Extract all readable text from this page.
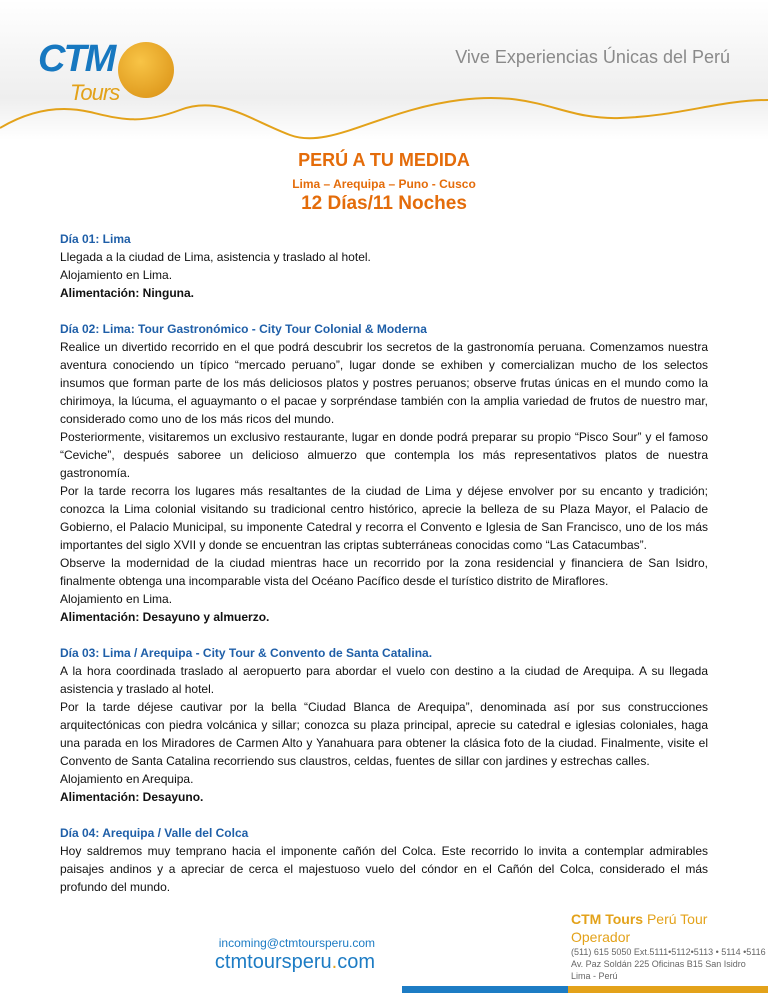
CTM
Tours
Vive Experiencias Únicas del Perú
PERÚ A TU MEDIDA
Lima – Arequipa – Puno - Cusco
12 Días/11 Noches
Día 01: Lima
Llegada a la ciudad de Lima, asistencia y traslado al hotel.
Alojamiento en Lima.
Alimentación: Ninguna.
Día 02: Lima: Tour Gastronómico - City Tour Colonial & Moderna
Realice un divertido recorrido en el que podrá descubrir los secretos de la gastronomía peruana. Comenzamos nuestra aventura conociendo un típico “mercado peruano”, lugar donde se exhiben y comercializan mucho de los selectos insumos que forman parte de los más deliciosos platos y postres peruanos; observe frutas únicas en el mundo como la chirimoya, la lúcuma, el aguaymanto o el pacae y sorpréndase también con la amplia variedad de frutos de nuestro mar, considerado como uno de los más ricos del mundo.
Posteriormente, visitaremos un exclusivo restaurante, lugar en donde podrá preparar su propio “Pisco Sour” y el famoso “Ceviche”, después saboree un delicioso almuerzo que contempla los más representativos platos de nuestra gastronomía.
Por la tarde recorra los lugares más resaltantes de la ciudad de Lima y déjese envolver por su encanto y tradición; conozca la Lima colonial visitando su tradicional centro histórico, aprecie la belleza de su Plaza Mayor, el Palacio de Gobierno, el Palacio Municipal, su imponente Catedral y recorra el Convento e Iglesia de San Francisco, uno de los más importantes del siglo XVII y donde se encuentran las criptas subterráneas conocidas como “Las Catacumbas”.
Observe la modernidad de la ciudad mientras hace un recorrido por la zona residencial y financiera de San Isidro, finalmente obtenga una incomparable vista del Océano Pacífico desde el turístico distrito de Miraflores.
Alojamiento en Lima.
Alimentación: Desayuno y almuerzo.
Día 03: Lima / Arequipa - City Tour & Convento de Santa Catalina.
A la hora coordinada traslado al aeropuerto para abordar el vuelo con destino a la ciudad de Arequipa. A su llegada asistencia y traslado al hotel.
Por la tarde déjese cautivar por la bella “Ciudad Blanca de Arequipa”, denominada así por sus construcciones arquitectónicas con piedra volcánica y sillar; conozca su plaza principal, aprecie su catedral e iglesias coloniales, haga una parada en los Miradores de Carmen Alto y Yanahuara para obtener la clásica foto de la ciudad. Finalmente, visite el Convento de Santa Catalina recorriendo sus claustros, celdas, fuentes de sillar con jardines y estrechas calles.
Alojamiento en Arequipa.
Alimentación: Desayuno.
Día 04: Arequipa / Valle del Colca
Hoy saldremos muy temprano hacia el imponente cañón del Colca. Este recorrido lo invita a contemplar admirables paisajes andinos y a apreciar de cerca el majestuoso vuelo del cóndor en el Cañón del Colca, considerado el más profundo del mundo.
incoming@ctmtoursperu.com
ctmtoursperu.com
CTM Tours Perú Tour Operador
(511) 615 5050 Ext.5111•5112•5113 • 5114 •5116
Av. Paz Soldán 225 Oficinas B15 San Isidro
Lima - Perú
